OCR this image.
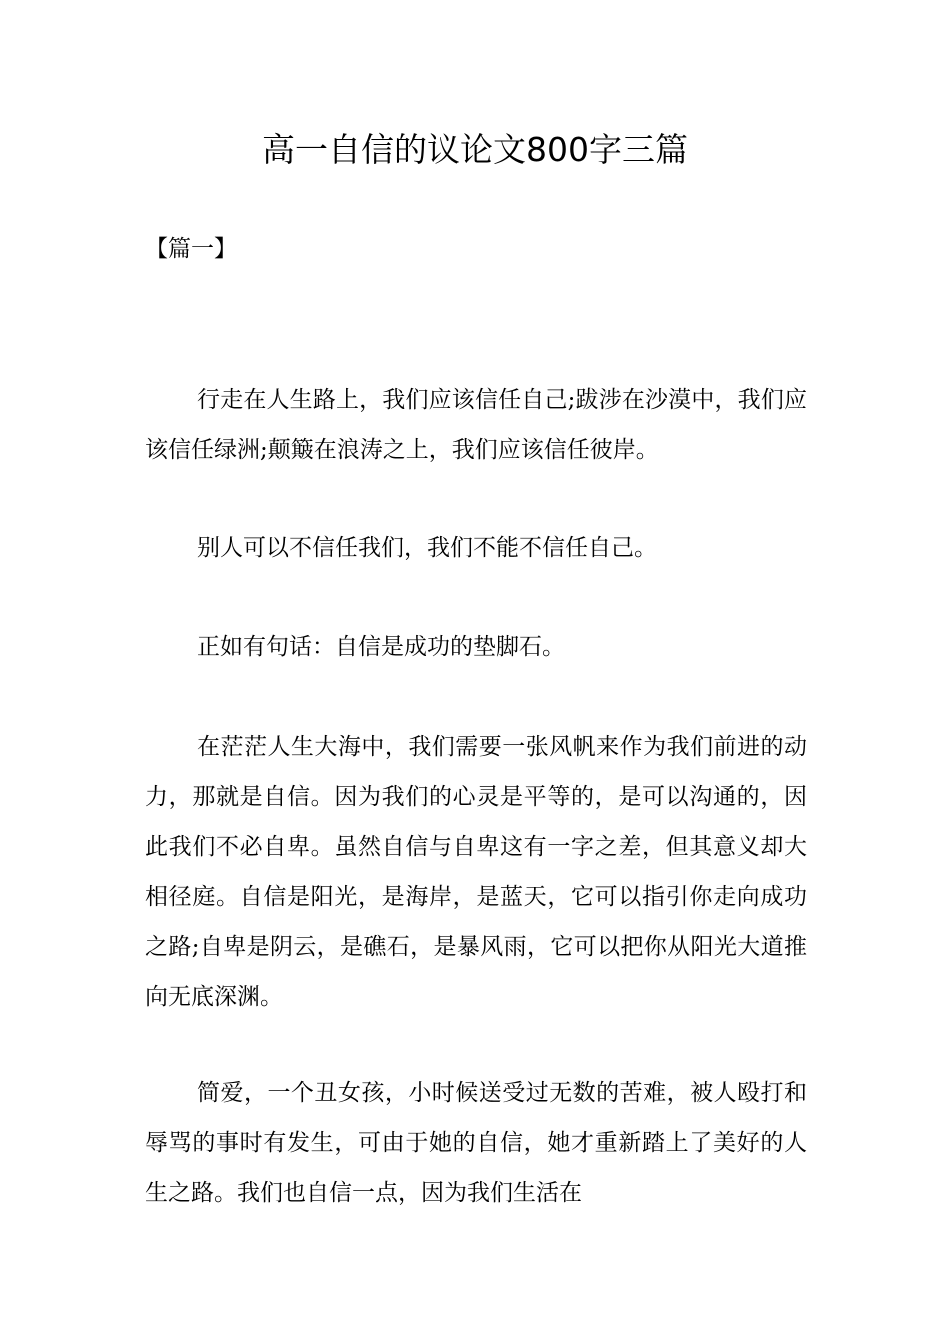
高一自信的议论文800字三篇

【篇一】

行走在人生路上，我们应该信任自己;跋涉在沙漠中，我们应该信任绿洲;颠簸在浪涛之上，我们应该信任彼岸。

别人可以不信任我们，我们不能不信任自己。

正如有句话：自信是成功的垫脚石。

在茫茫人生大海中，我们需要一张风帆来作为我们前进的动力，那就是自信。因为我们的心灵是平等的，是可以沟通的，因此我们不必自卑。虽然自信与自卑这有一字之差，但其意义却大相径庭。自信是阳光，是海岸，是蓝天，它可以指引你走向成功之路;自卑是阴云，是礁石，是暴风雨，它可以把你从阳光大道推向无底深渊。

简爱，一个丑女孩，小时候送受过无数的苦难，被人殴打和辱骂的事时有发生，可由于她的自信，她才重新踏上了美好的人生之路。我们也自信一点，因为我们生活在
